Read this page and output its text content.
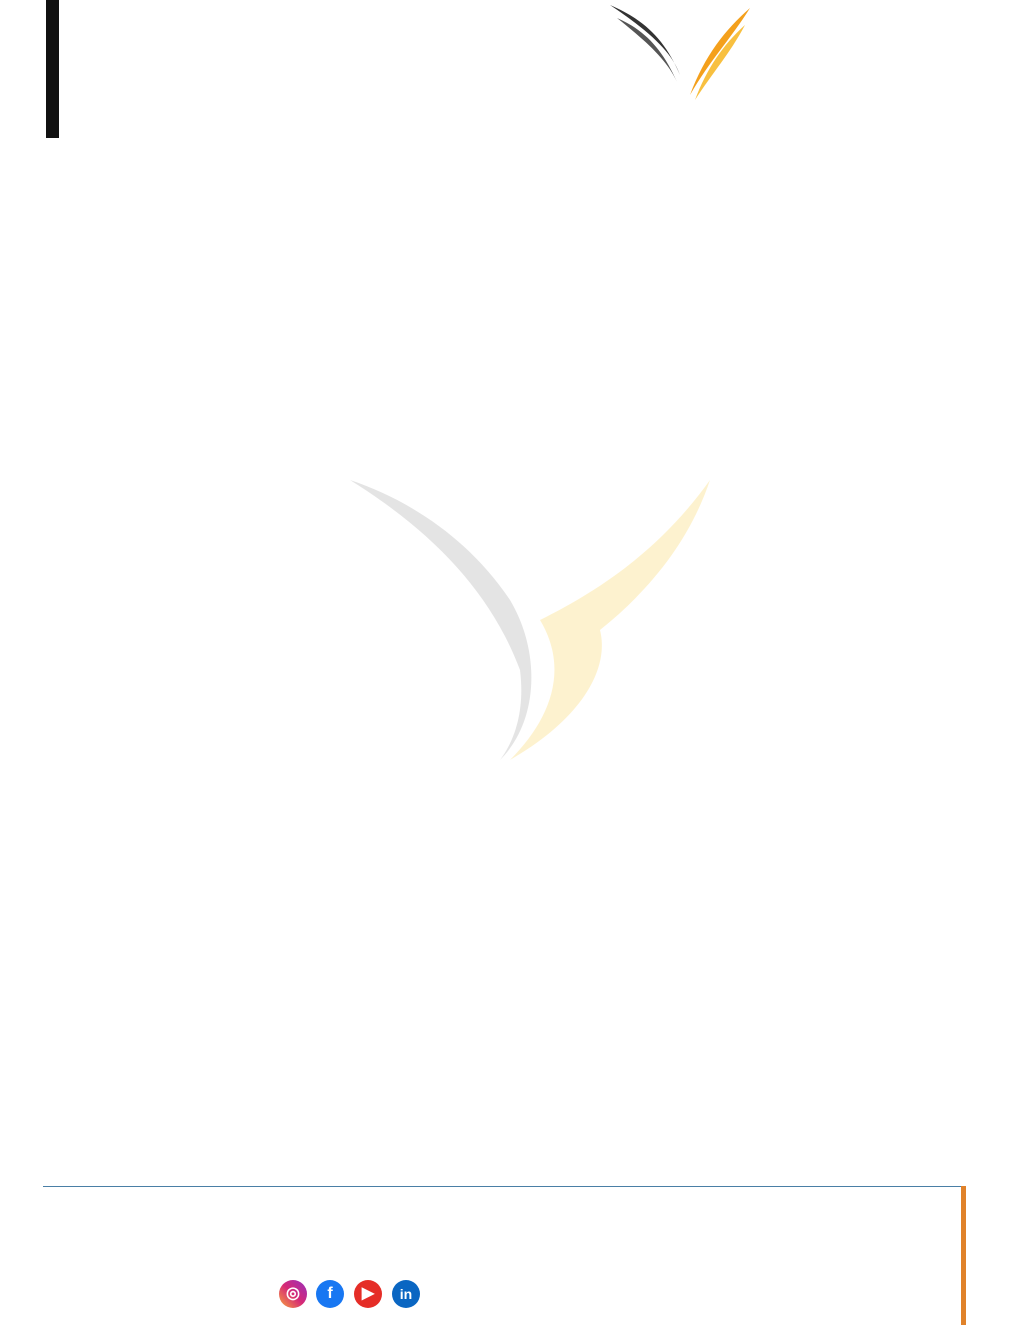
◎	f	▶	in
